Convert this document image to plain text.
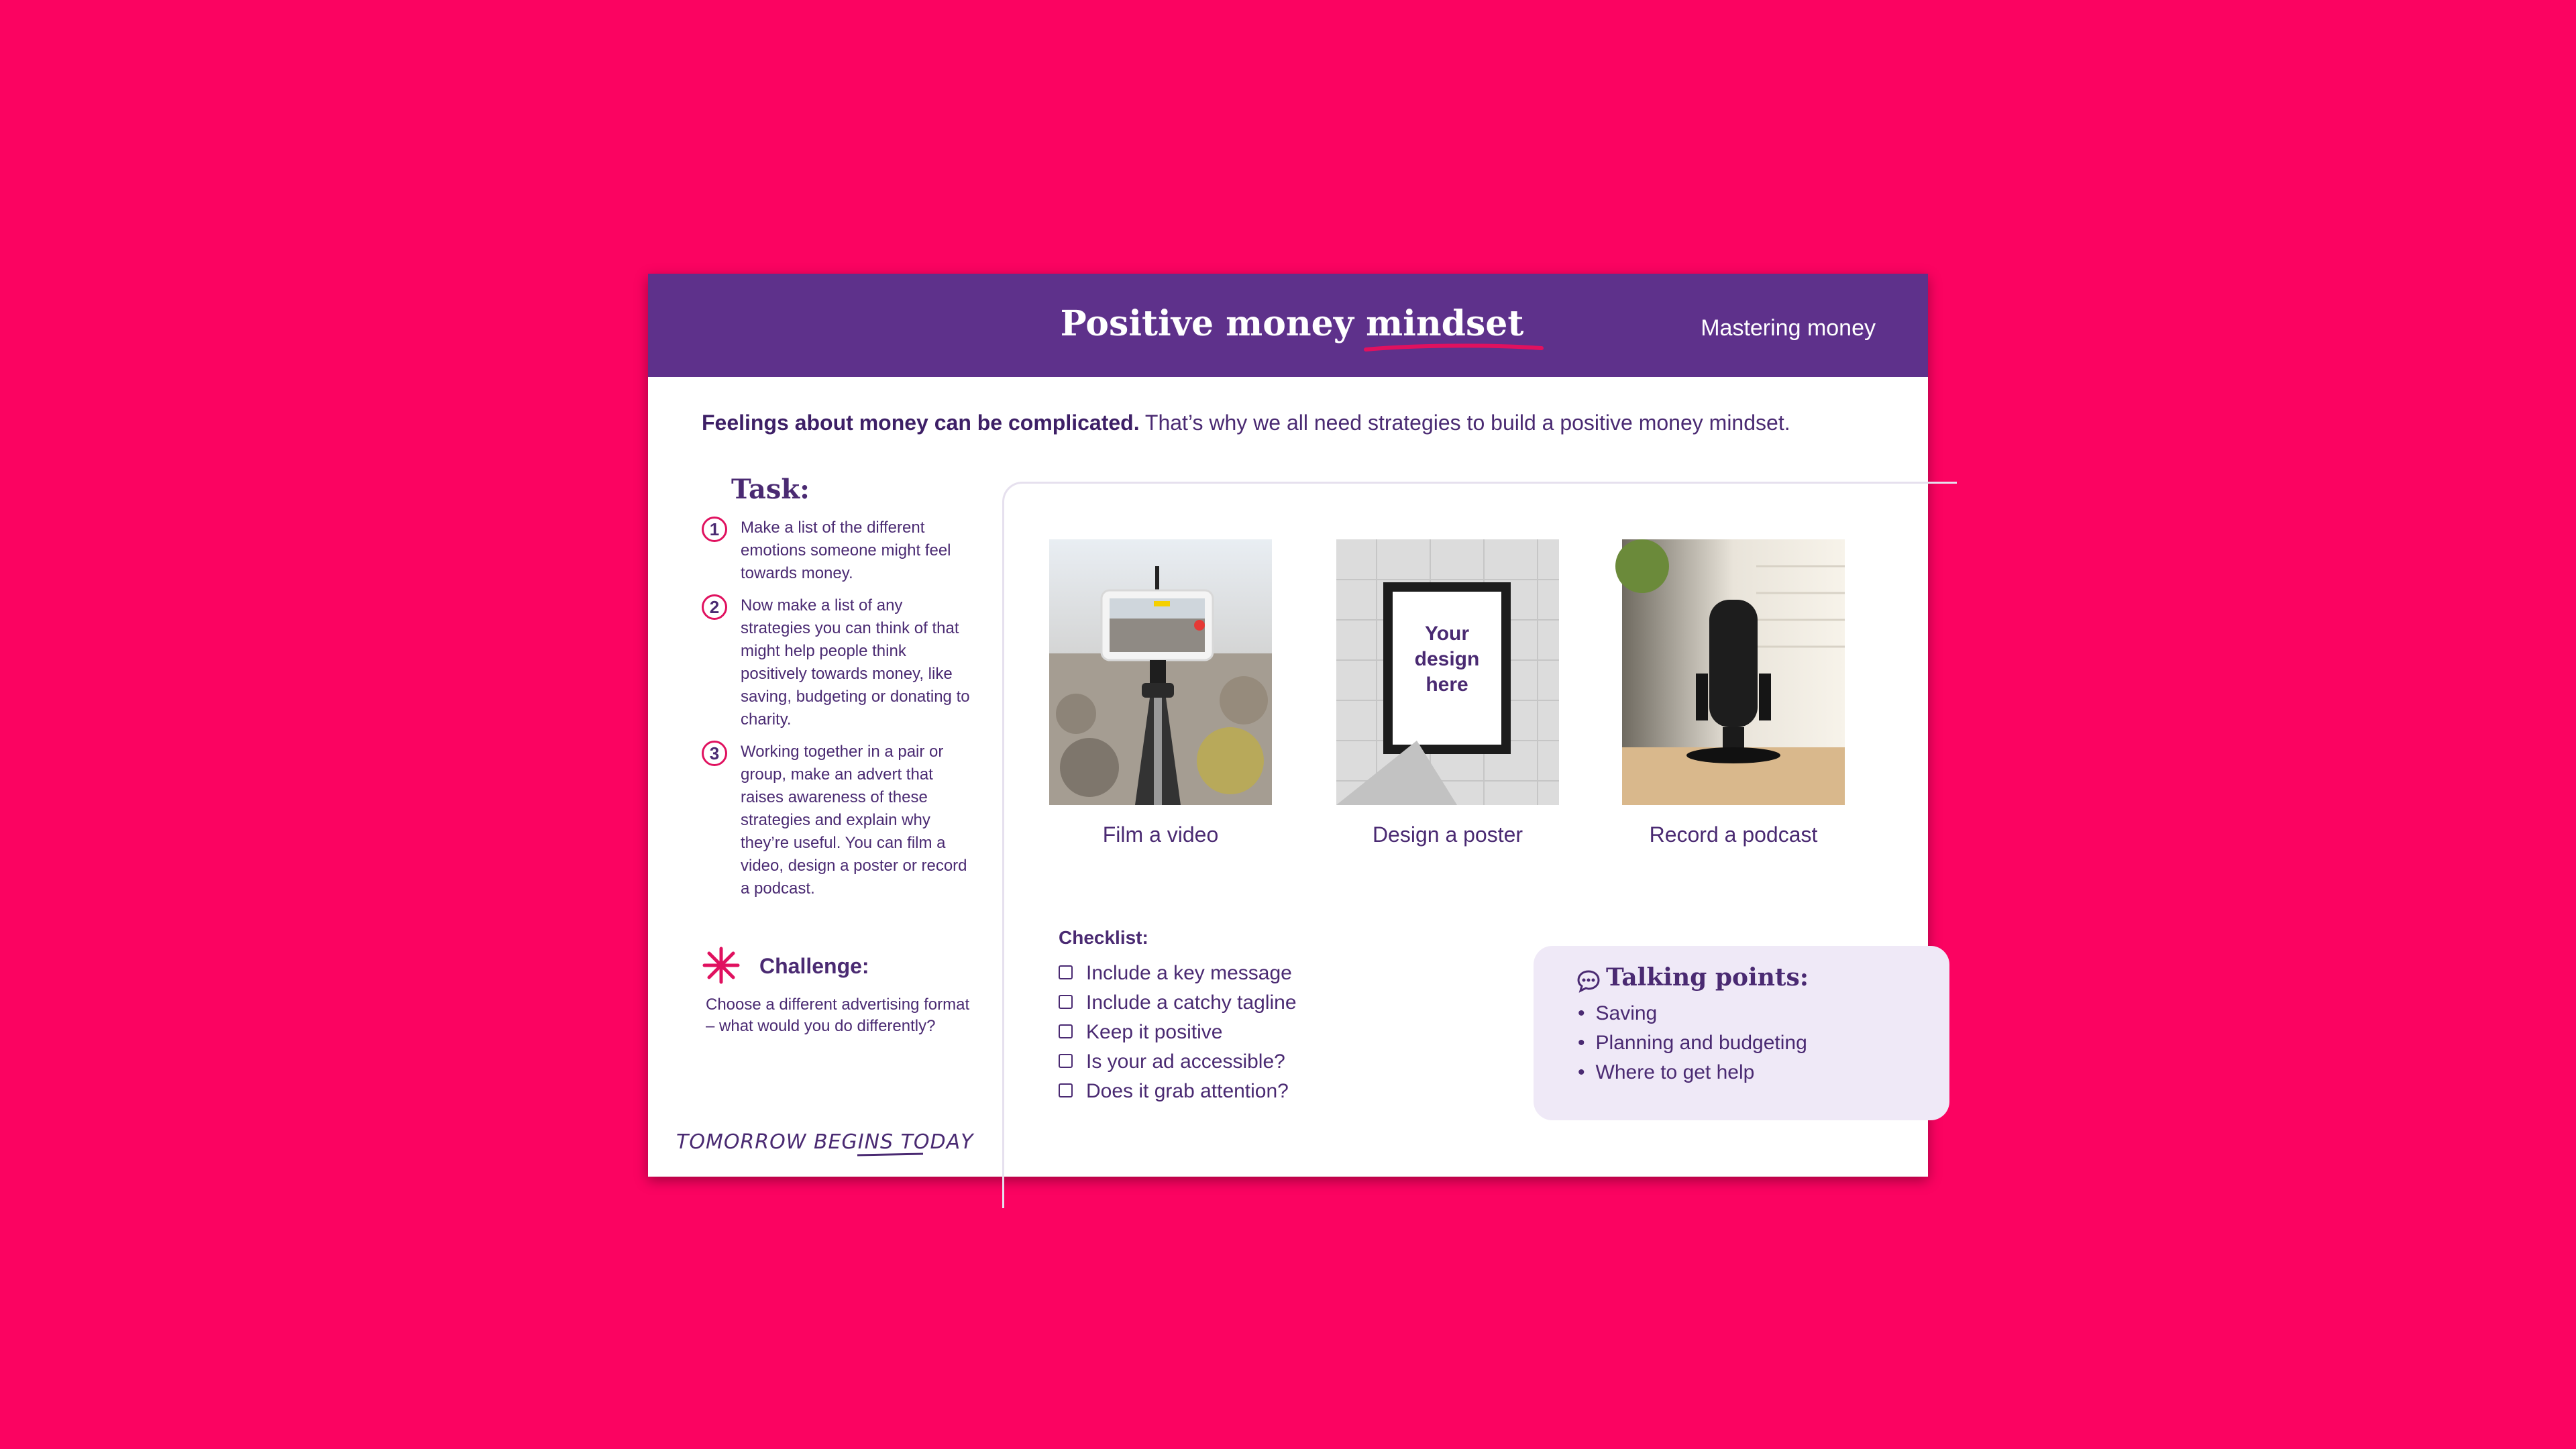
Positive money mindset	Mastering money
Feelings about money can be complicated. That’s why we all need strategies to build a positive money mindset.
Task:
1	Make a list of the different emotions someone might feel towards money.
2	Now make a list of any strategies you can think of that might help people think positively towards money, like saving, budgeting or donating to charity.
3	Working together in a pair or group, make an advert that raises awareness of these strategies and explain why they’re useful. You can film a video, design a poster or record a podcast.
Challenge:
Choose a different advertising format – what would you do differently?
TOMORROW BEGINS TODAY
Film a video
Your
design
here
Design a poster	Record a podcast
Checklist:
Include a key message
Include a catchy tagline
Keep it positive
Is your ad accessible?
Does it grab attention?
Talking points:
• Saving
• Planning and budgeting
• Where to get help
